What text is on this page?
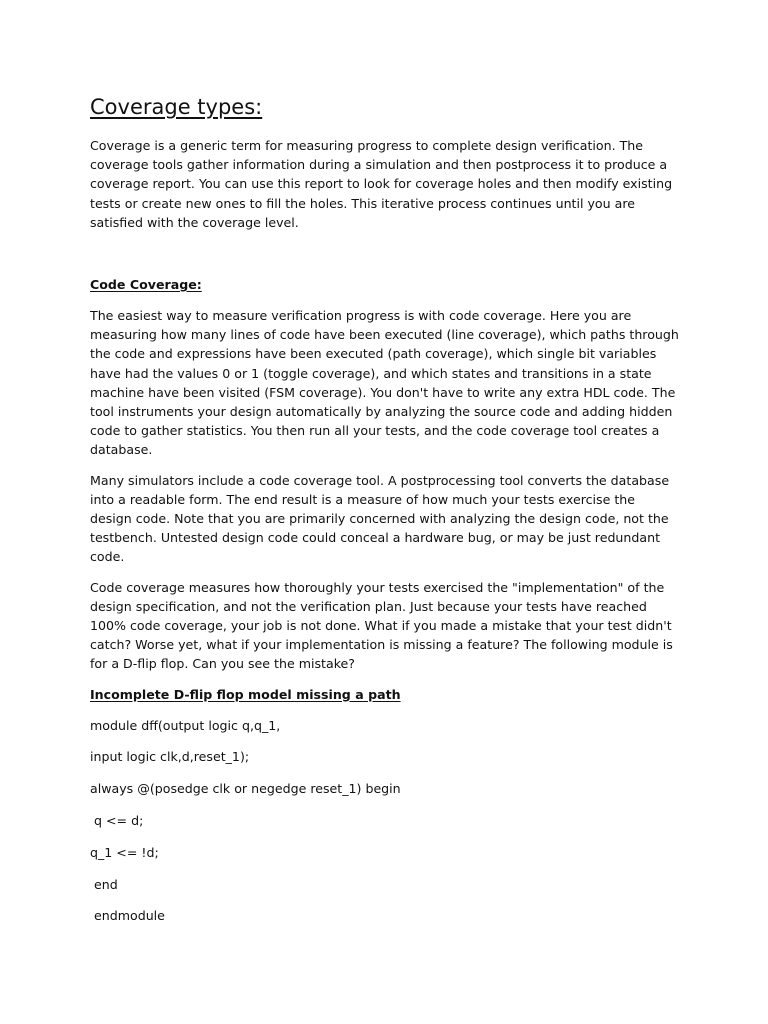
Coverage types:

Coverage is a generic term for measuring progress to complete design verification. The coverage tools gather information during a simulation and then postprocess it to produce a coverage report. You can use this report to look for coverage holes and then modify existing tests or create new ones to fill the holes. This iterative process continues until you are satisfied with the coverage level.

Code Coverage:

The easiest way to measure verification progress is with code coverage. Here you are measuring how many lines of code have been executed (line coverage), which paths through the code and expressions have been executed (path coverage), which single bit variables have had the values 0 or 1 (toggle coverage), and which states and transitions in a state machine have been visited (FSM coverage). You don't have to write any extra HDL code. The tool instruments your design automatically by analyzing the source code and adding hidden code to gather statistics. You then run all your tests, and the code coverage tool creates a database.

Many simulators include a code coverage tool. A postprocessing tool converts the database into a readable form. The end result is a measure of how much your tests exercise the design code. Note that you are primarily concerned with analyzing the design code, not the testbench. Untested design code could conceal a hardware bug, or may be just redundant code.

Code coverage measures how thoroughly your tests exercised the "implementation" of the design specification, and not the verification plan. Just because your tests have reached 100% code coverage, your job is not done. What if you made a mistake that your test didn't catch? Worse yet, what if your implementation is missing a feature? The following module is for a D-flip flop. Can you see the mistake?

Incomplete D-flip flop model missing a path
module dff(output logic q,q_1,
input logic clk,d,reset_1);
always @(posedge clk or negedge reset_1) begin
q <= d;
q_1 <= !d;
end
endmodule
